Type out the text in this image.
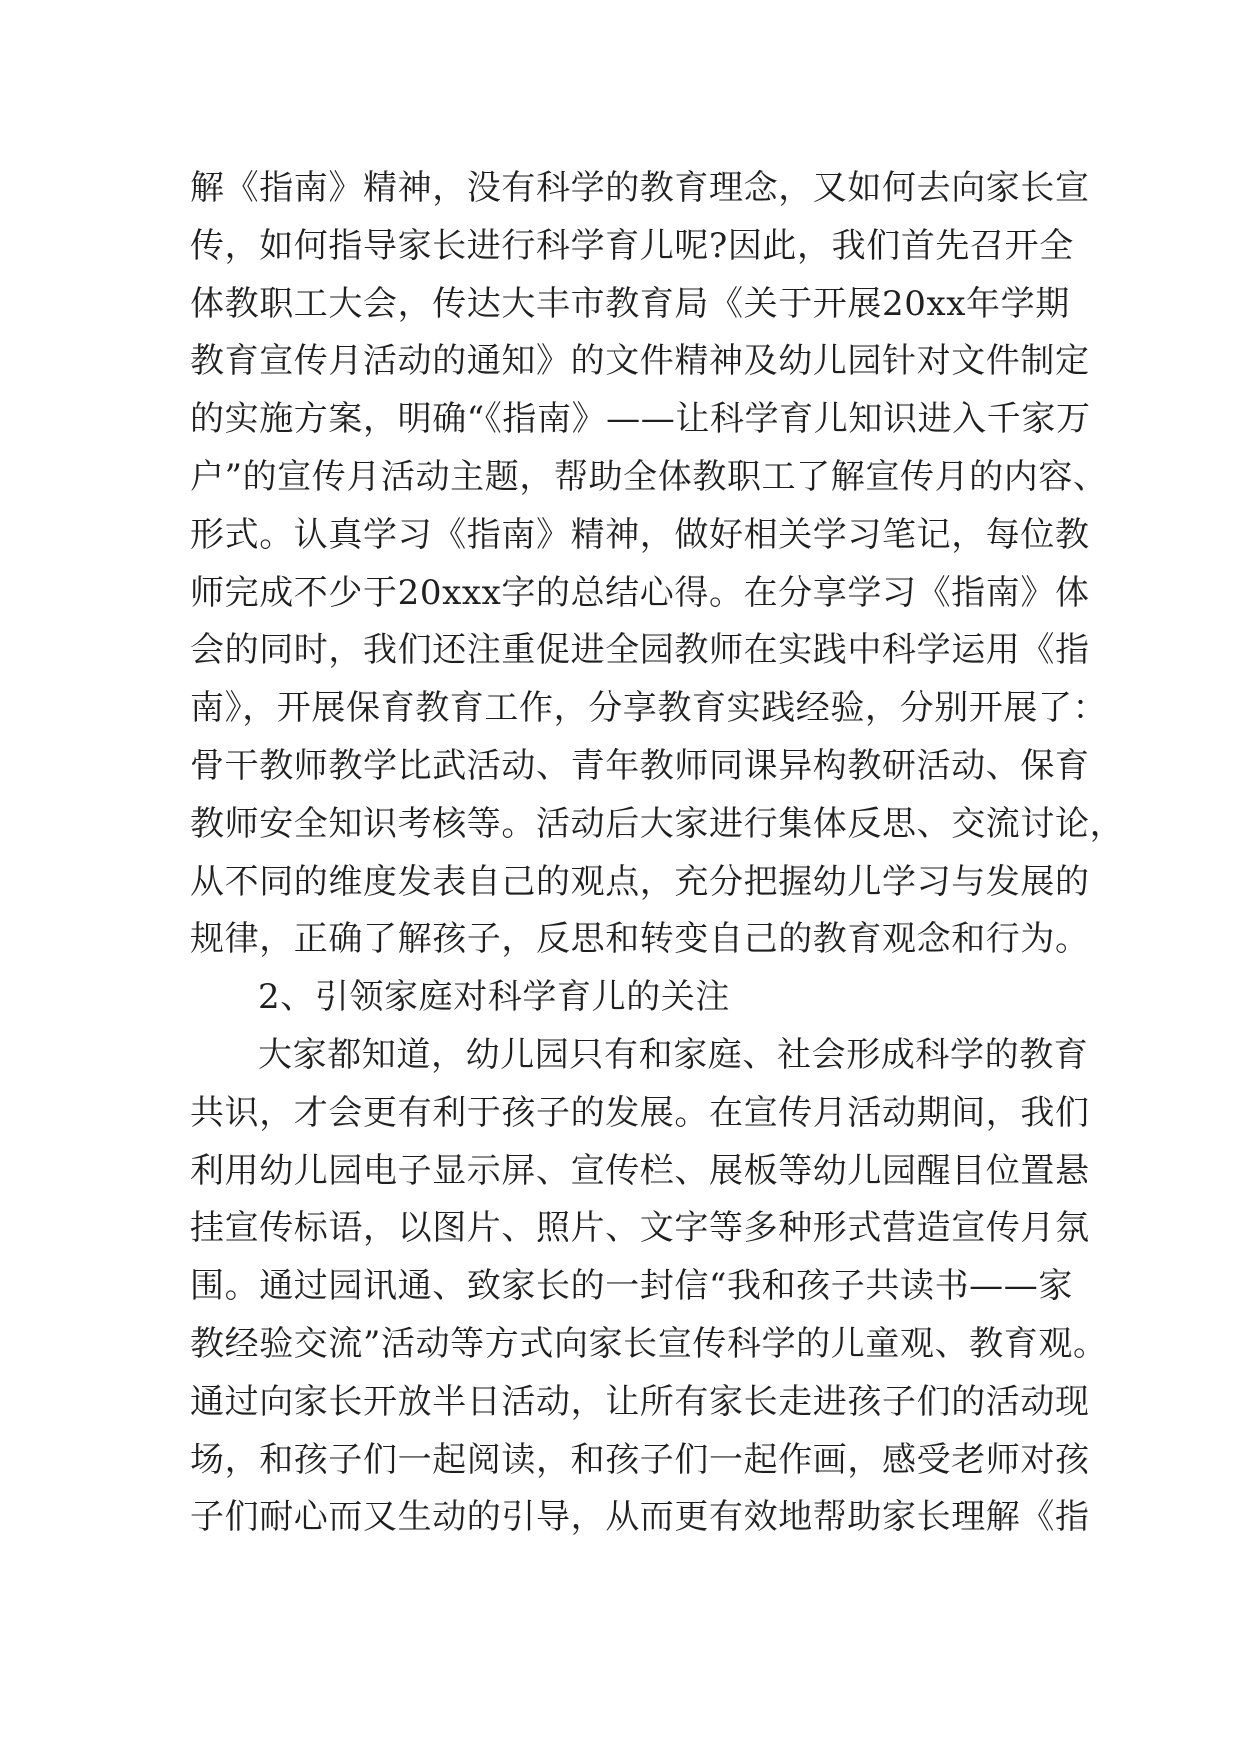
解《指南》精神，没有科学的教育理念，又如何去向家长宣
传，如何指导家长进行科学育儿呢?因此，我们首先召开全
体教职工大会，传达大丰市教育局《关于开展20xx年学期
教育宣传月活动的通知》的文件精神及幼儿园针对文件制定
的实施方案，明确“《指南》——让科学育儿知识进入千家万
户”的宣传月活动主题，帮助全体教职工了解宣传月的内容、
形式。认真学习《指南》精神，做好相关学习笔记，每位教
师完成不少于20xxx字的总结心得。在分享学习《指南》体
会的同时，我们还注重促进全园教师在实践中科学运用《指
南》，开展保育教育工作，分享教育实践经验，分别开展了：
骨干教师教学比武活动、青年教师同课异构教研活动、保育
教师安全知识考核等。活动后大家进行集体反思、交流讨论，
从不同的维度发表自己的观点，充分把握幼儿学习与发展的
规律，正确了解孩子，反思和转变自己的教育观念和行为。
2、引领家庭对科学育儿的关注
大家都知道，幼儿园只有和家庭、社会形成科学的教育
共识，才会更有利于孩子的发展。在宣传月活动期间，我们
利用幼儿园电子显示屏、宣传栏、展板等幼儿园醒目位置悬
挂宣传标语，以图片、照片、文字等多种形式营造宣传月氛
围。通过园讯通、致家长的一封信“我和孩子共读书——家
教经验交流”活动等方式向家长宣传科学的儿童观、教育观。
通过向家长开放半日活动，让所有家长走进孩子们的活动现
场，和孩子们一起阅读，和孩子们一起作画，感受老师对孩
子们耐心而又生动的引导，从而更有效地帮助家长理解《指
